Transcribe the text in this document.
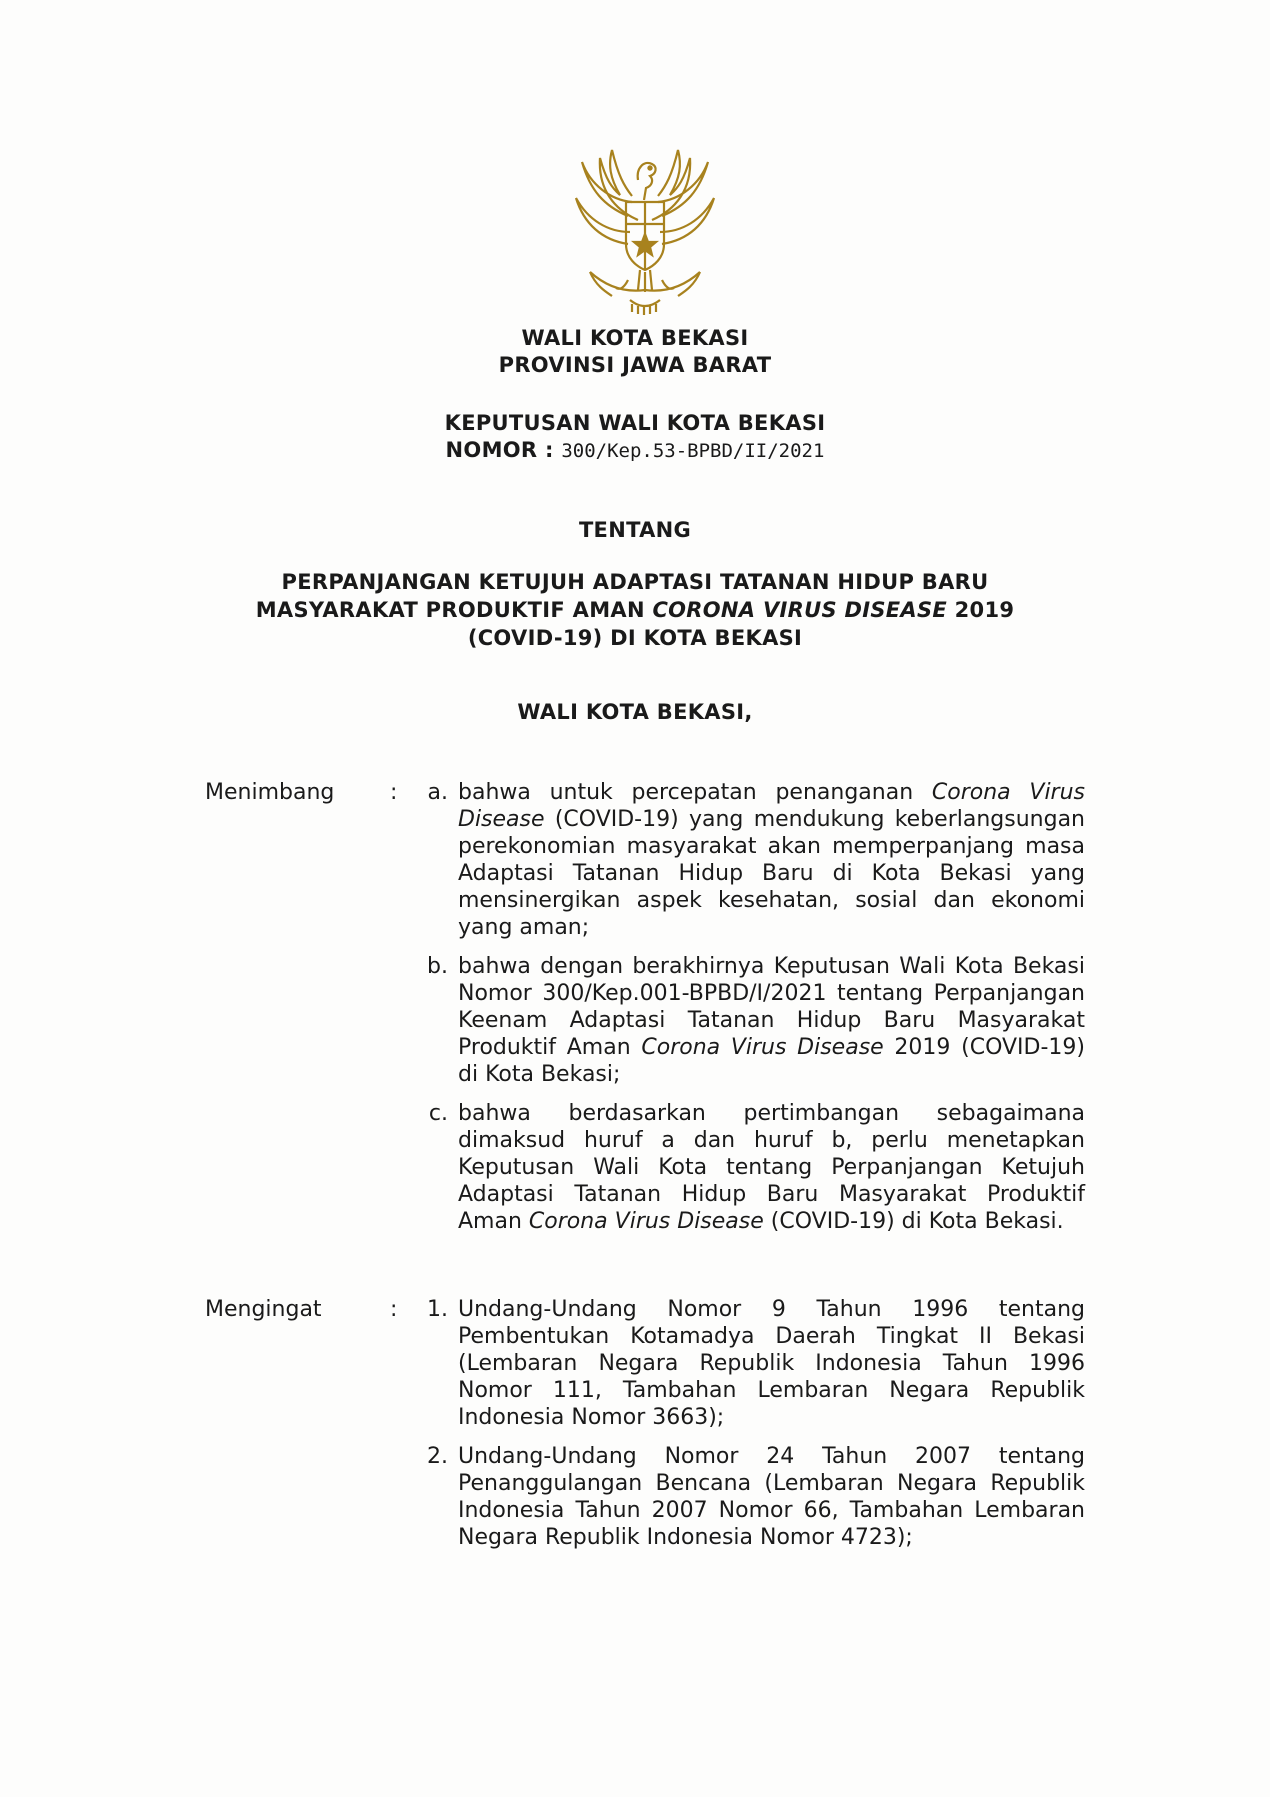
WALI KOTA BEKASI
PROVINSI JAWA BARAT
KEPUTUSAN WALI KOTA BEKASI
NOMOR : 300/Kep.53-BPBD/II/2021
TENTANG
PERPANJANGAN KETUJUH ADAPTASI TATANAN HIDUP BARU
MASYARAKAT PRODUKTIF AMAN CORONA VIRUS DISEASE 2019
(COVID-19) DI KOTA BEKASI
WALI KOTA BEKASI,
Menimbang	:	a. bahwa untuk percepatan penanganan Corona Virus Disease (COVID-19) yang mendukung keberlangsungan perekonomian masyarakat akan memperpanjang masa Adaptasi Tatanan Hidup Baru di Kota Bekasi yang mensinergikan aspek kesehatan, sosial dan ekonomi yang aman;
b. bahwa dengan berakhirnya Keputusan Wali Kota Bekasi Nomor 300/Kep.001-BPBD/I/2021 tentang Perpanjangan Keenam Adaptasi Tatanan Hidup Baru Masyarakat Produktif Aman Corona Virus Disease 2019 (COVID-19) di Kota Bekasi;
c. bahwa berdasarkan pertimbangan sebagaimana dimaksud huruf a dan huruf b, perlu menetapkan Keputusan Wali Kota tentang Perpanjangan Ketujuh Adaptasi Tatanan Hidup Baru Masyarakat Produktif Aman Corona Virus Disease (COVID-19) di Kota Bekasi.
Mengingat	:	1. Undang-Undang Nomor 9 Tahun 1996 tentang Pembentukan Kotamadya Daerah Tingkat II Bekasi (Lembaran Negara Republik Indonesia Tahun 1996 Nomor 111, Tambahan Lembaran Negara Republik Indonesia Nomor 3663);
2. Undang-Undang Nomor 24 Tahun 2007 tentang Penanggulangan Bencana (Lembaran Negara Republik Indonesia Tahun 2007 Nomor 66, Tambahan Lembaran Negara Republik Indonesia Nomor 4723);
